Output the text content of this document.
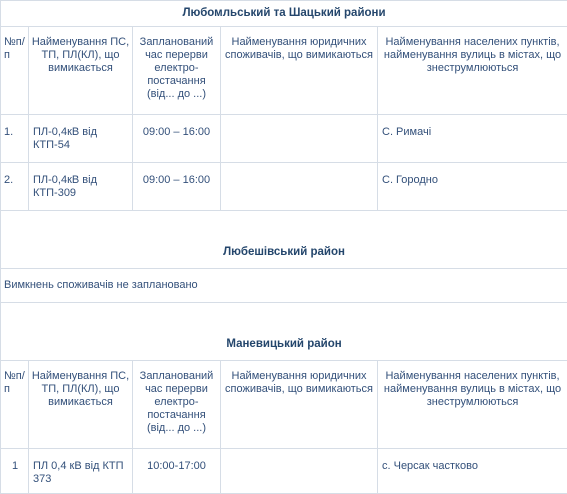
Любомльський та Шацький райони				
№п/п	Найменування ПС, ТП, ПЛ(КЛ), що вимикається	Запланований час перерви електро-постачання (від... до ...)	Найменування юридичних споживачів, що вимикаються	Найменування населених пунктів, найменування вулиць в містах, що знеструмлюються
1.	ПЛ-0,4кВ від КТП-54	09:00 – 16:00		С. Римачі
2.	ПЛ-0,4кВ від КТП-309	09:00 – 16:00		С. Городно

Любешівський район				
Вимкнень споживачів не заплановано				

Маневицький район				
№п/п	Найменування ПС, ТП, ПЛ(КЛ), що вимикається	Запланований час перерви електро-постачання (від... до ...)	Найменування юридичних споживачів, що вимикаються	Найменування населених пунктів, найменування вулиць в містах, що знеструмлюються
1	ПЛ 0,4 кВ від КТП 373	10:00-17:00		с. Черсак частково
